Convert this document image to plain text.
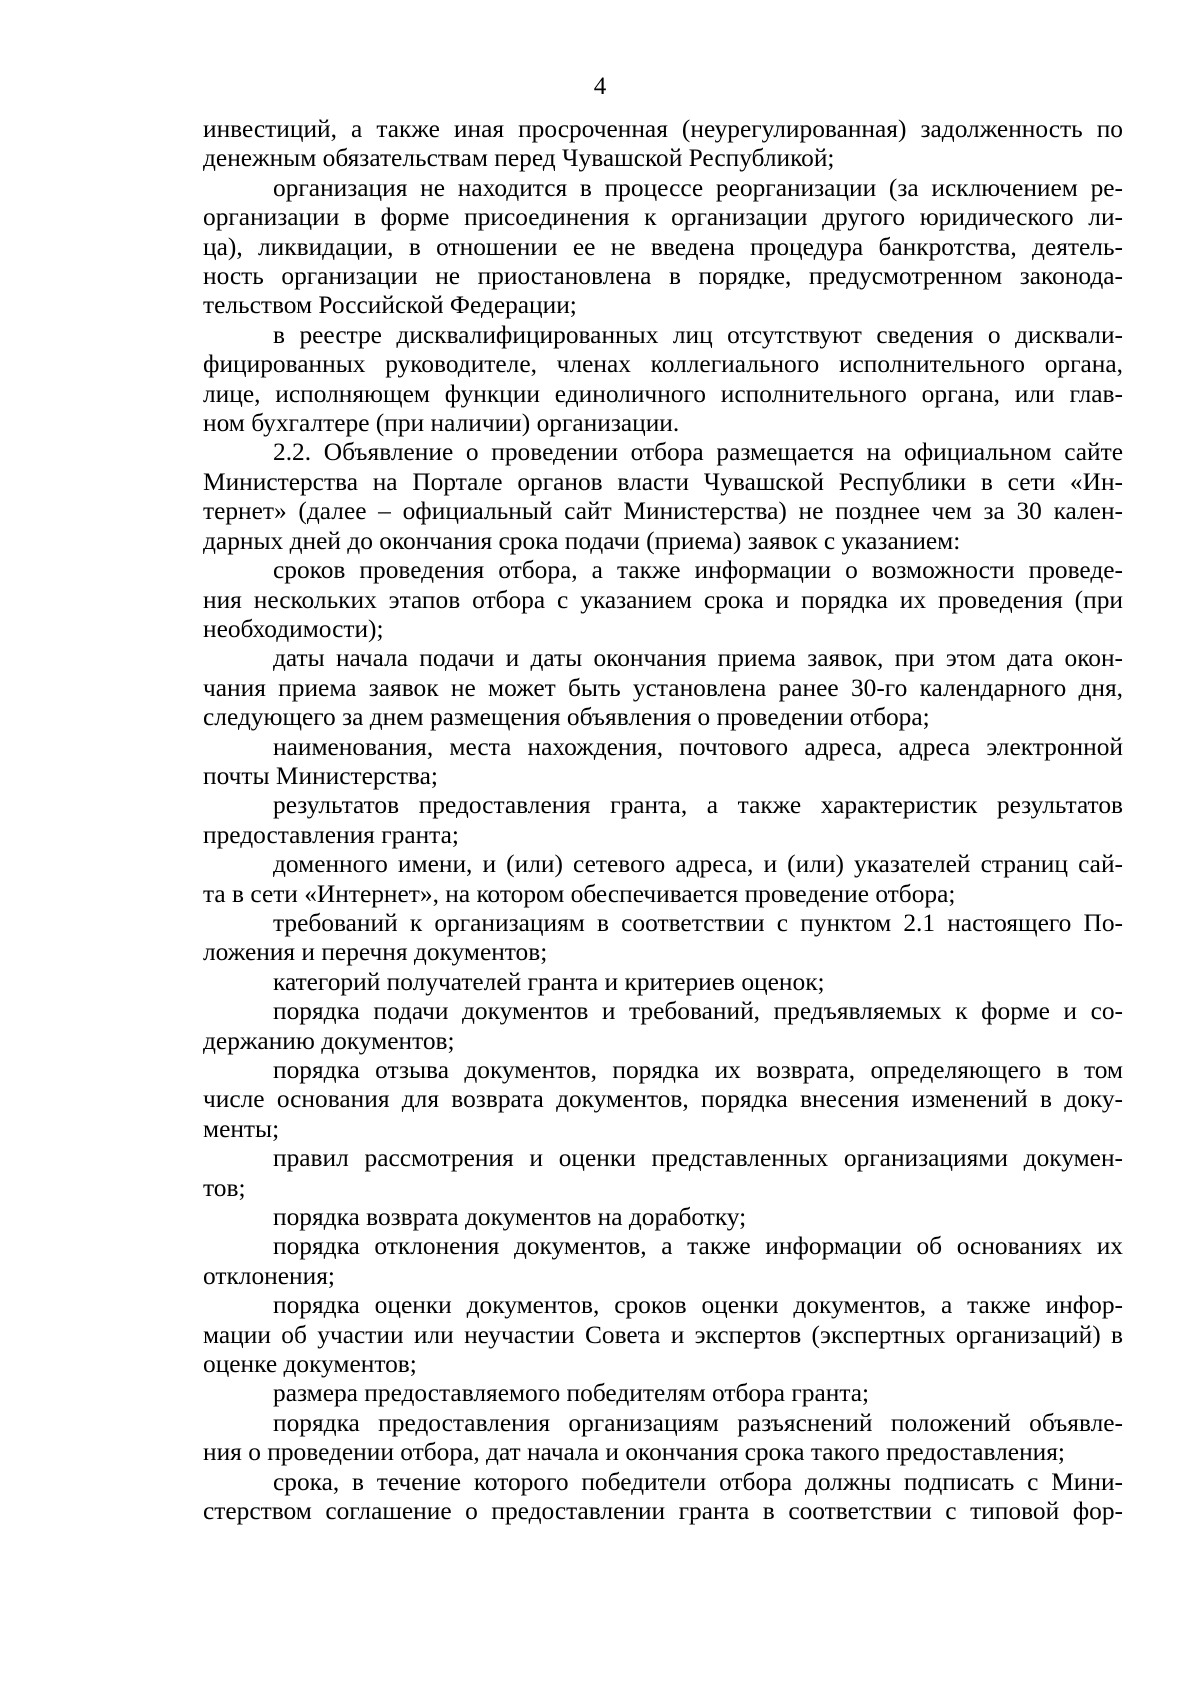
4

инвестиций, а также иная просроченная (неурегулированная) задолженность по
денежным обязательствам перед Чувашской Республикой;

организация не находится в процессе реорганизации (за исключением ре-
организации в форме присоединения к организации другого юридического ли-
ца), ликвидации, в отношении ее не введена процедура банкротства, деятель-
ность организации не приостановлена в порядке, предусмотренном законода-
тельством Российской Федерации;

в реестре дисквалифицированных лиц отсутствуют сведения о дисквали-
фицированных руководителе, членах коллегиального исполнительного органа,
лице, исполняющем функции единоличного исполнительного органа, или глав-
ном бухгалтере (при наличии) организации.

2.2. Объявление о проведении отбора размещается на официальном сайте
Министерства на Портале органов власти Чувашской Республики в сети «Ин-
тернет» (далее – официальный сайт Министерства) не позднее чем за 30 кален-
дарных дней до окончания срока подачи (приема) заявок с указанием:

сроков проведения отбора, а также информации о возможности проведе-
ния нескольких этапов отбора с указанием срока и порядка их проведения (при
необходимости);

даты начала подачи и даты окончания приема заявок, при этом дата окон-
чания приема заявок не может быть установлена ранее 30-го календарного дня,
следующего за днем размещения объявления о проведении отбора;

наименования, места нахождения, почтового адреса, адреса электронной
почты Министерства;

результатов предоставления гранта, а также характеристик результатов
предоставления гранта;

доменного имени, и (или) сетевого адреса, и (или) указателей страниц сай-
та в сети «Интернет», на котором обеспечивается проведение отбора;

требований к организациям в соответствии с пунктом 2.1 настоящего По-
ложения и перечня документов;

категорий получателей гранта и критериев оценок;

порядка подачи документов и требований, предъявляемых к форме и со-
держанию документов;

порядка отзыва документов, порядка их возврата, определяющего в том
числе основания для возврата документов, порядка внесения изменений в доку-
менты;

правил рассмотрения и оценки представленных организациями докумен-
тов;

порядка возврата документов на доработку;

порядка отклонения документов, а также информации об основаниях их
отклонения;

порядка оценки документов, сроков оценки документов, а также инфор-
мации об участии или неучастии Совета и экспертов (экспертных организаций) в
оценке документов;

размера предоставляемого победителям отбора гранта;

порядка предоставления организациям разъяснений положений объявле-
ния о проведении отбора, дат начала и окончания срока такого предоставления;

срока, в течение которого победители отбора должны подписать с Мини-
стерством соглашение о предоставлении гранта в соответствии с типовой фор-
